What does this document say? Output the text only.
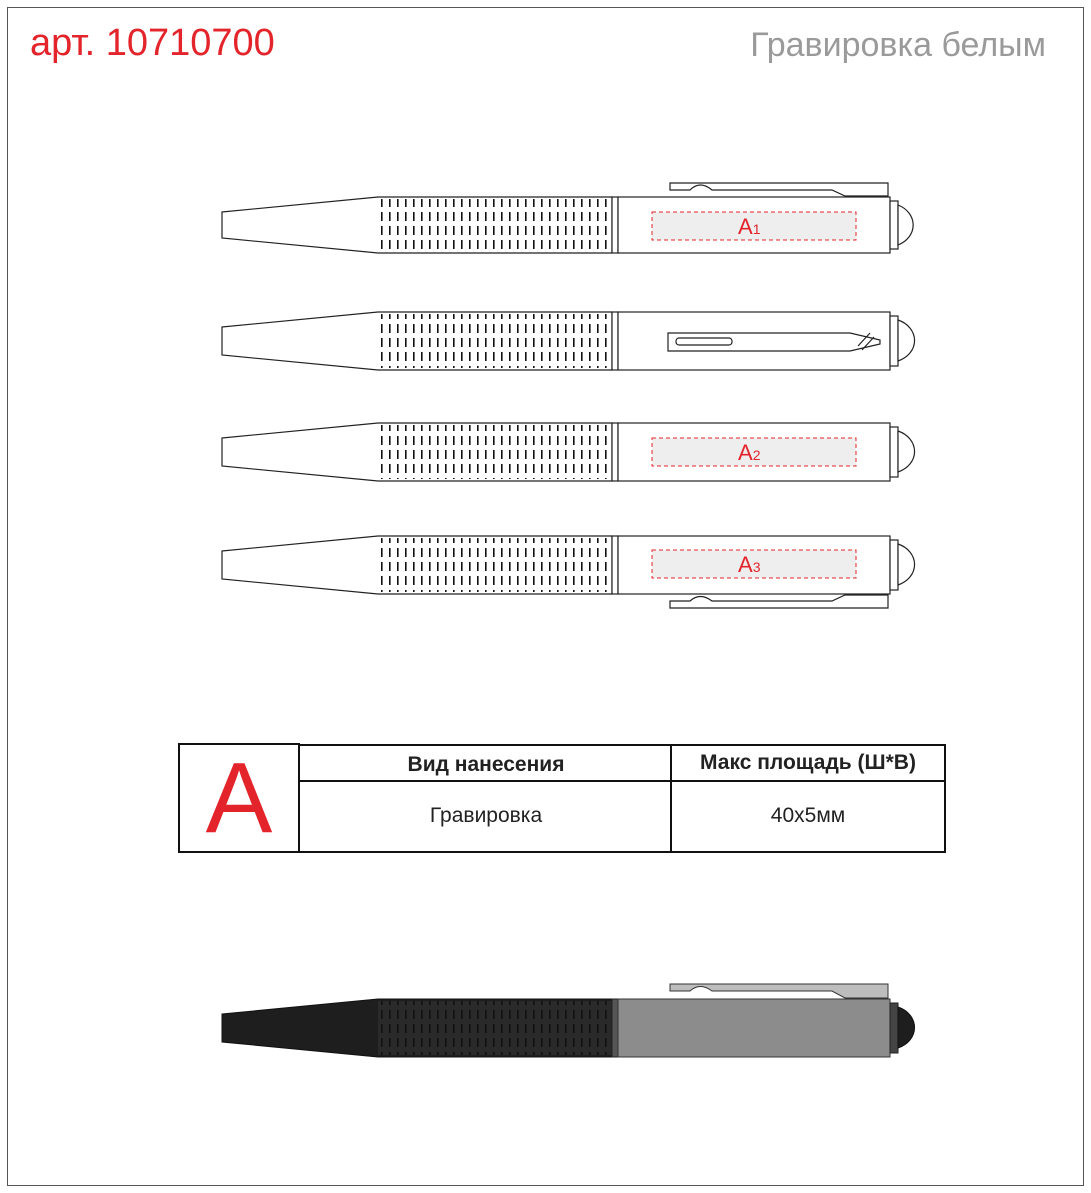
арт. 10710700	Гравировка белым
A1
A2
A3
A	Вид нанесения	Макс площадь (Ш*В)
Гравировка	40x5мм
